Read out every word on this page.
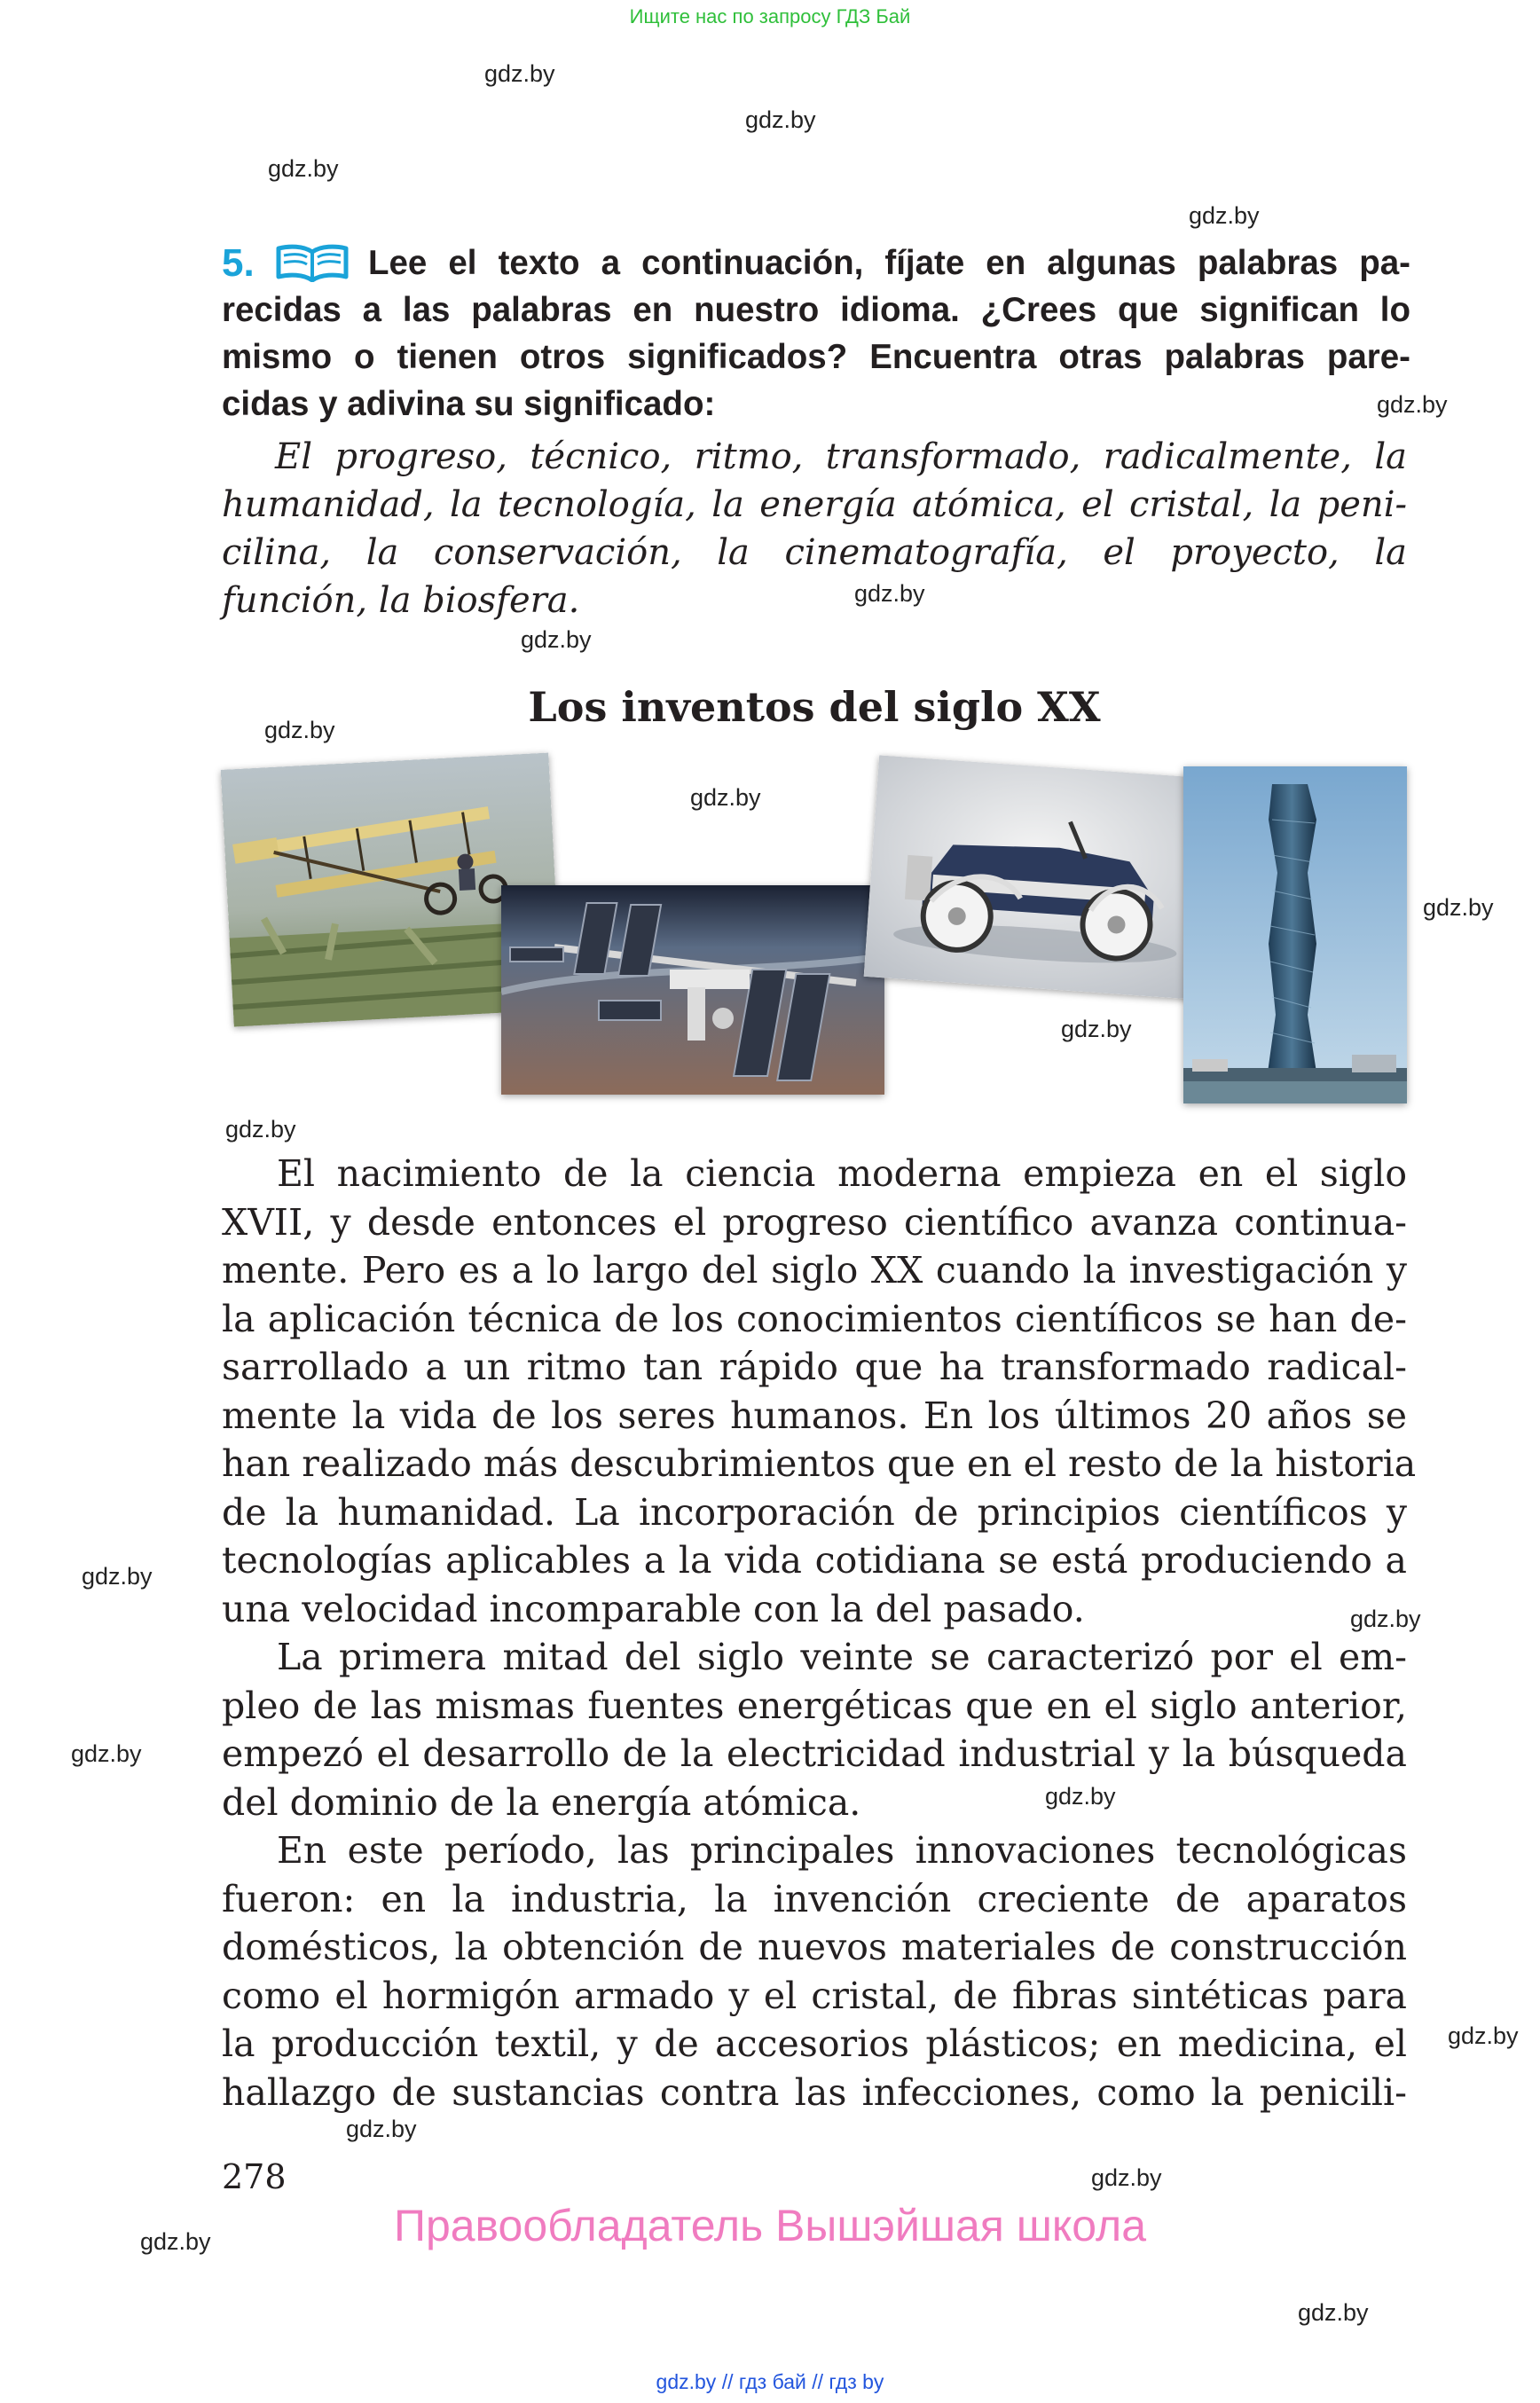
Ищите нас по запросу ГДЗ Бай
gdz.by
gdz.by
gdz.by
gdz.by
gdz.by
gdz.by
gdz.by
gdz.by
gdz.by
gdz.by
gdz.by
gdz.by
gdz.by
gdz.by
gdz.by
gdz.by
gdz.by
gdz.by
gdz.by
gdz.by
gdz.by
5.	Lee el texto a continuación, fíjate en algunas palabras pa-
recidas a las palabras en nuestro idioma. ¿Crees que significan lo
mismo o tienen otros significados? Encuentra otras palabras pare-
cidas y adivina su significado:
El progreso, técnico, ritmo, transformado, radicalmente, la
humanidad, la tecnología, la energía atómica, el cristal, la peni-
cilina, la conservación, la cinematografía, el proyecto, la
función, la biosfera.
Los inventos del siglo XX
El nacimiento de la ciencia moderna empieza en el siglo
XVII, y desde entonces el progreso científico avanza continua-
mente. Pero es a lo largo del siglo XX cuando la investigación y
la aplicación técnica de los conocimientos científicos se han de-
sarrollado a un ritmo tan rápido que ha transformado radical-
mente la vida de los seres humanos. En los últimos 20 años se
han realizado más descubrimientos que en el resto de la historia
de la humanidad. La incorporación de principios científicos y
tecnologías aplicables a la vida cotidiana se está produciendo a
una velocidad incomparable con la del pasado.
La primera mitad del siglo veinte se caracterizó por el em-
pleo de las mismas fuentes energéticas que en el siglo anterior,
empezó el desarrollo de la electricidad industrial y la búsqueda
del dominio de la energía atómica.
En este período, las principales innovaciones tecnológicas
fueron: en la industria, la invención creciente de aparatos
domésticos, la obtención de nuevos materiales de construcción
como el hormigón armado y el cristal, de fibras sintéticas para
la producción textil, y de accesorios plásticos; en medicina, el
hallazgo de sustancias contra las infecciones, como la penicili-
278
Правообладатель Вышэйшая школа
gdz.by // гдз бай // гдз by
